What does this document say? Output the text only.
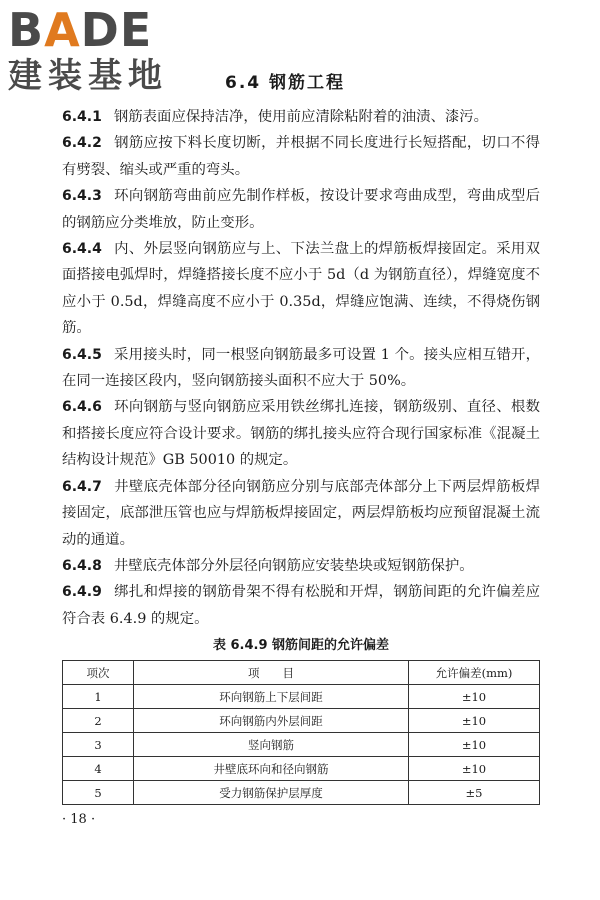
BADE
建装基地	6.4 钢筋工程

6.4.1 钢筋表面应保持洁净，使用前应清除粘附着的油渍、漆污。

6.4.2 钢筋应按下料长度切断，并根据不同长度进行长短搭配，切口不得有劈裂、缩头或严重的弯头。

6.4.3 环向钢筋弯曲前应先制作样板，按设计要求弯曲成型，弯曲成型后的钢筋应分类堆放，防止变形。

6.4.4 内、外层竖向钢筋应与上、下法兰盘上的焊筋板焊接固定。采用双面搭接电弧焊时，焊缝搭接长度不应小于 5d（d 为钢筋直径），焊缝宽度不应小于 0.5d，焊缝高度不应小于 0.35d，焊缝应饱满、连续，不得烧伤钢筋。

6.4.5 采用接头时，同一根竖向钢筋最多可设置 1 个。接头应相互错开，在同一连接区段内，竖向钢筋接头面积不应大于 50%。

6.4.6 环向钢筋与竖向钢筋应采用铁丝绑扎连接，钢筋级别、直径、根数和搭接长度应符合设计要求。钢筋的绑扎接头应符合现行国家标准《混凝土结构设计规范》GB 50010 的规定。

6.4.7 井壁底壳体部分径向钢筋应分别与底部壳体部分上下两层焊筋板焊接固定，底部泄压管也应与焊筋板焊接固定，两层焊筋板均应预留混凝土流动的通道。

6.4.8 井壁底壳体部分外层径向钢筋应安装垫块或短钢筋保护。

6.4.9 绑扎和焊接的钢筋骨架不得有松脱和开焊，钢筋间距的允许偏差应符合表 6.4.9 的规定。

表 6.4.9 钢筋间距的允许偏差
项次	项　　目	允许偏差(mm)
1	环向钢筋上下层间距	±10
2	环向钢筋内外层间距	±10
3	竖向钢筋	±10
4	井壁底环向和径向钢筋	±10
5	受力钢筋保护层厚度	±5
· 18 ·
